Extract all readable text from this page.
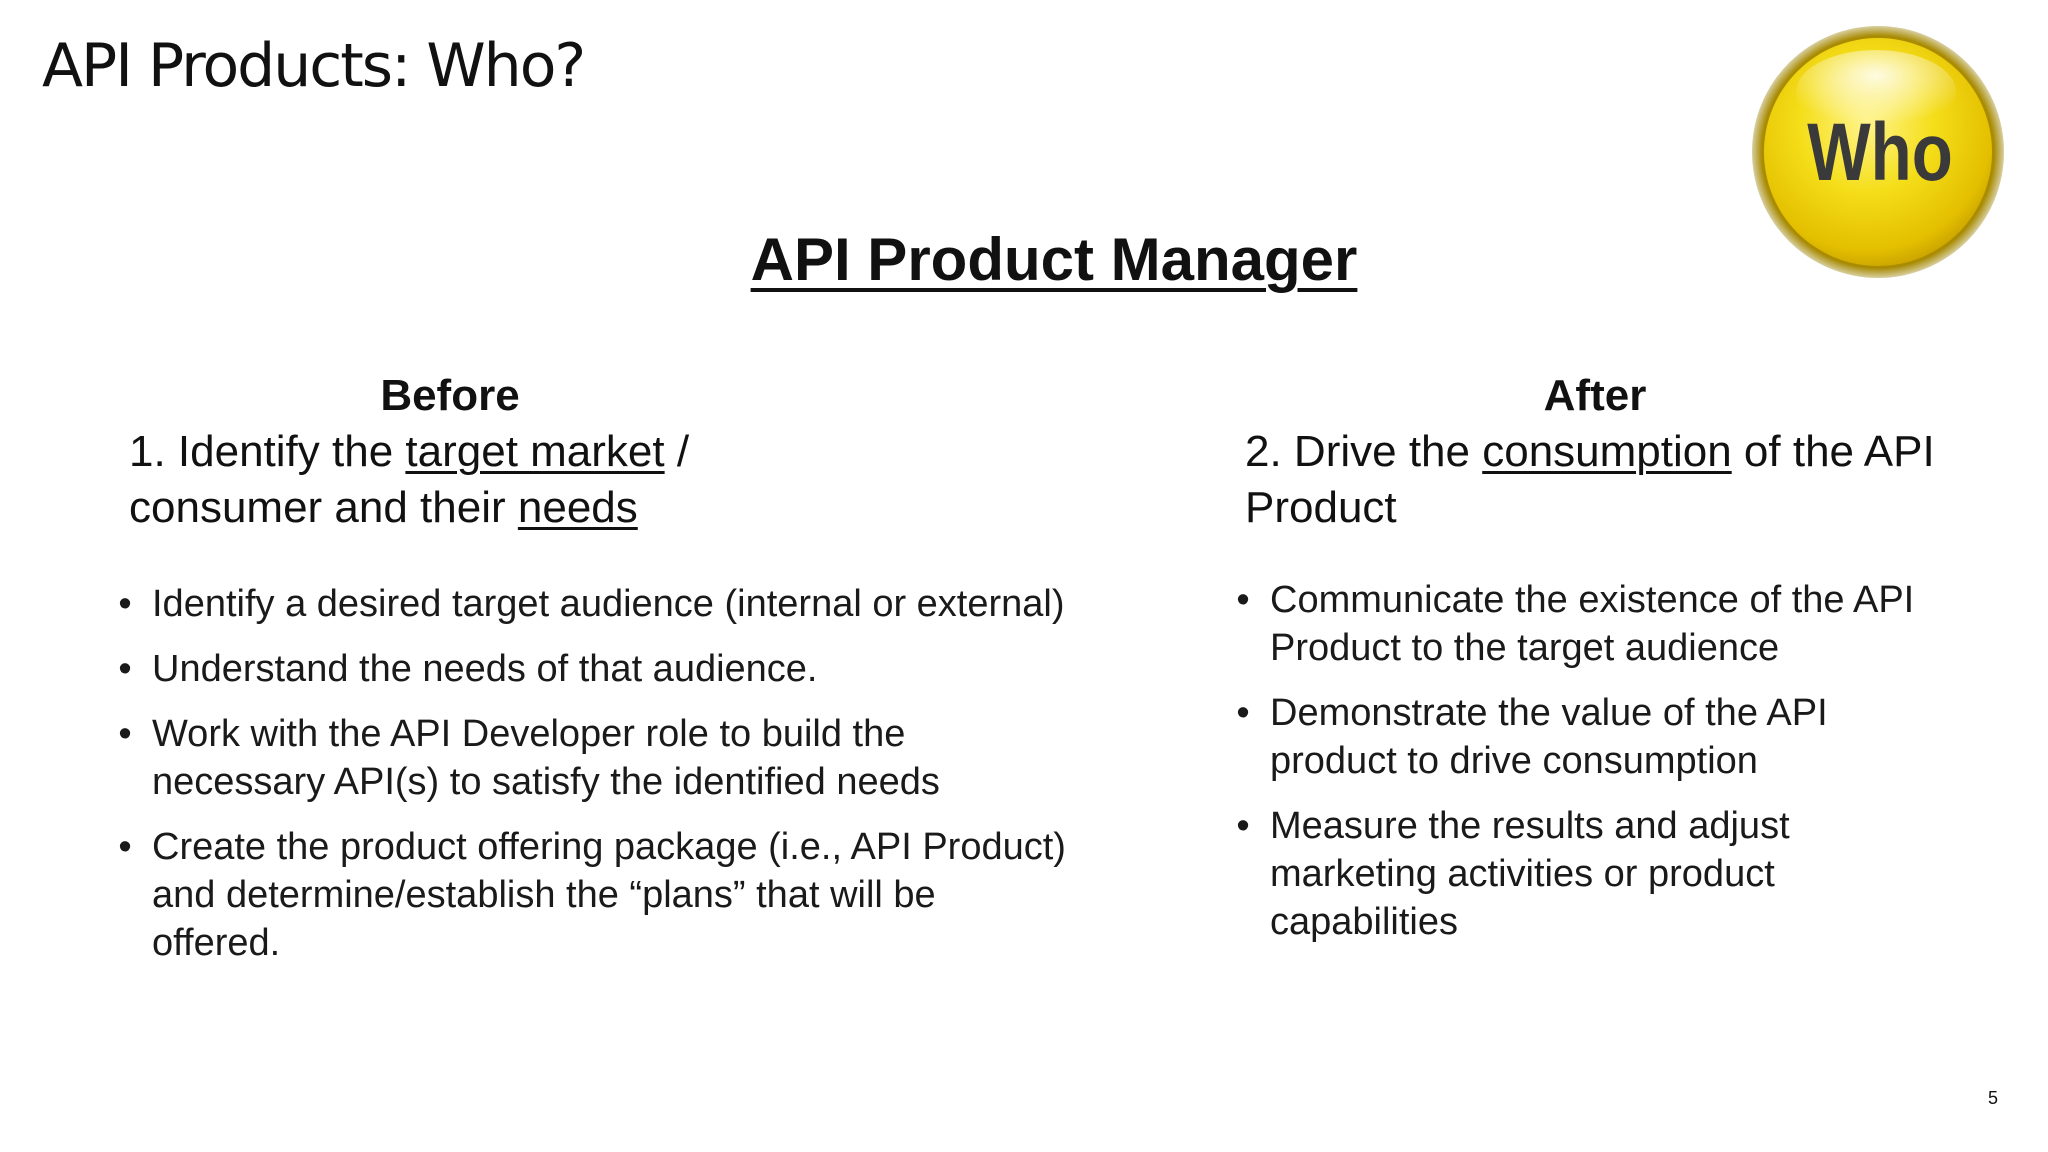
API Products: Who?
Who
API Product Manager
Before

1. Identify the target market / consumer and their needs

• Identify a desired target audience (internal or external)
• Understand the needs of that audience.
• Work with the API Developer role to build the necessary API(s) to satisfy the identified needs
• Create the product offering package (i.e., API Product) and determine/establish the “plans” that will be offered.
After

2. Drive the consumption of the API Product

• Communicate the existence of the API Product to the target audience
• Demonstrate the value of the API product to drive consumption
• Measure the results and adjust marketing activities or product capabilities
5
